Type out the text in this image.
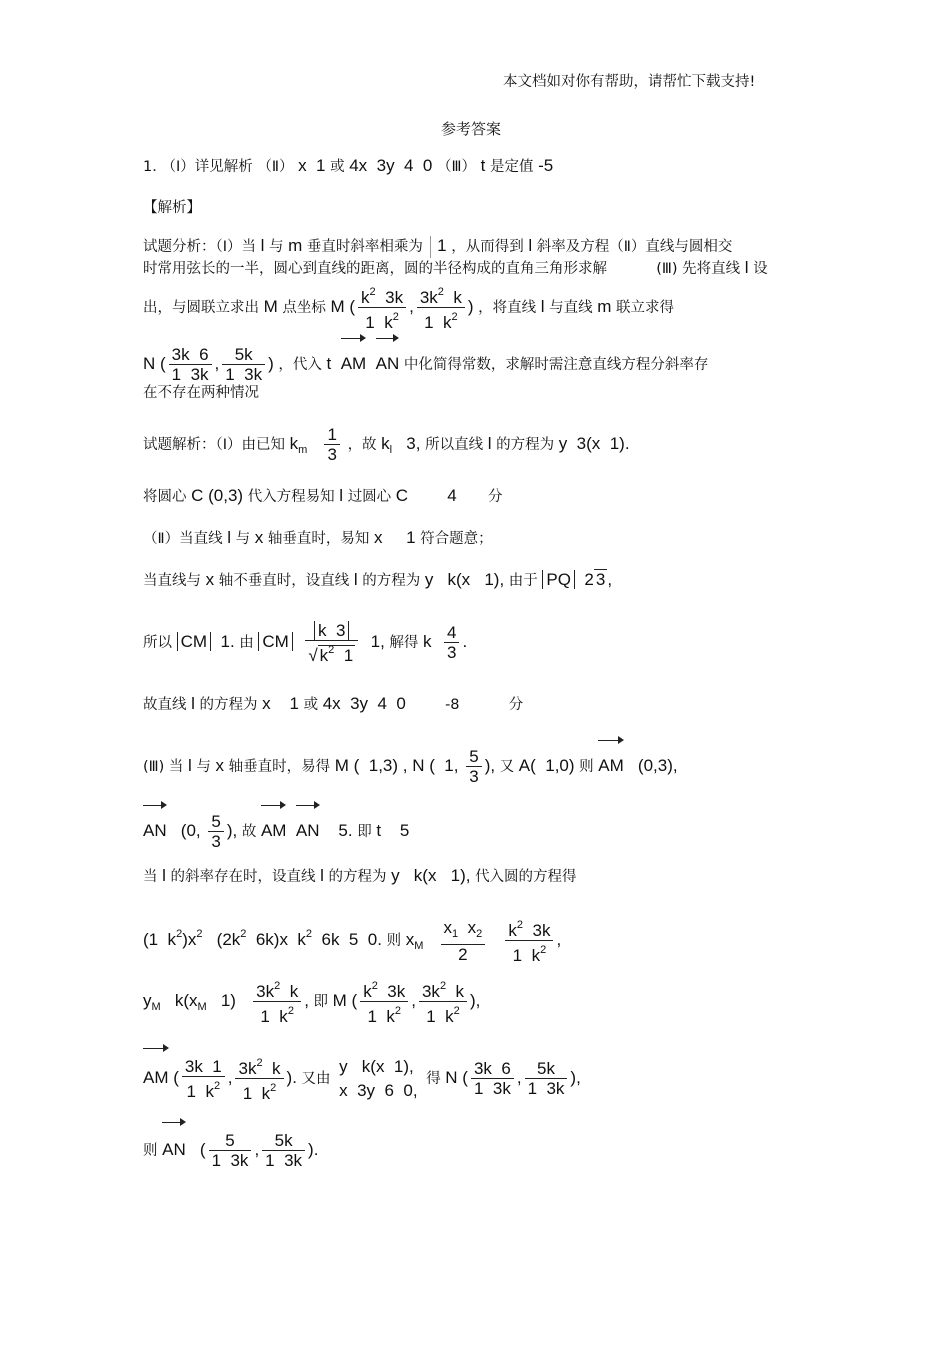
本文档如对你有帮助，请帮忙下载支持!
参考答案
1. （Ⅰ）详见解析 （Ⅱ） x  1 或 4x  3y  4  0 （Ⅲ） t 是定值 -5
【解析】
试题分析：（Ⅰ）当 l 与 m 垂直时斜率相乘为 1 ，从而得到 l 斜率及方程（Ⅱ）直线与圆相交
时常用弦长的一半，圆心到直线的距离，圆的半径构成的直角三角形求解	(Ⅲ) 先将直线 l 设
出，与圆联立求出 M 点坐标 M ( $\frac{k^2 3k}{1 k^2}$ , $\frac{3k^2 k}{1 k^2}$ ) ，将直线 l 与直线 m 联立求得
N ( $\frac{3k 6}{1 3k}$ , $\frac{5k}{1 3k}$ ) ，代入 t  AM AN 中化简得常数，求解时需注意直线方程分斜率存
在不存在两种情况
试题解析：（Ⅰ）由已知 $k_m \frac{1}{3}$ ，故 $k_l$   3, 所以直线 l 的方程为 y  3(x  1).
将圆心 C (0,3) 代入方程易知 l 过圆心 C 4 分
（Ⅱ）当直线 l 与 x 轴垂直时，易知 x     1 符合题意；
当直线与 x 轴不垂直时，设直线 l 的方程为 y   k(x   1), 由于 PQ  2 3 ,
所以 CM  1. 由 CM $\frac{k 3}{√ k^2 1} 1$, 解得 k $\frac{4}{3}$ .
故直线 l 的方程为 x    1 或 4x  3y  4  0	-8	分
(Ⅲ) 当 l 与 x 轴垂直时，易得 M (  1,3) , N (  1, $\frac{5}{3}$ ), 又 A(  1,0) 则 AM   (0,3),
AN   (0, $\frac{5}{3}$ ), 故 AM AN    5. 即 t    5
当 l 的斜率存在时，设直线 l 的方程为 y   k(x   1), 代入圆的方程得
(1  $k^2)x^2$   ($2k^2$  6k)x  $k^2$  6k  5  0. 则 $x_M \frac{x_1 x_2}{2}$
$\frac{k^2 3k}{1 k^2}$ ,
$y_M$   $k(x_M$   $1) \frac{3k^2 k}{1 k^2}$ , 即 M ( $\frac{k^2 3k}{1 k^2}$ , $\frac{3k^2 k}{1 k^2}$ ),
AM ( $\frac{3k 1}{1 k^2}$ , $\frac{3k^2 k}{1 k^2}$ ). 又由
y   k(x  1),
x  3y  6  0,
得 N ( $\frac{3k 6}{1 3k}$ , $\frac{5k}{1 3k}$ ),
则 AN   ( $\frac{5}{1 3k}$ , $\frac{5k}{1 3k}$ ).
